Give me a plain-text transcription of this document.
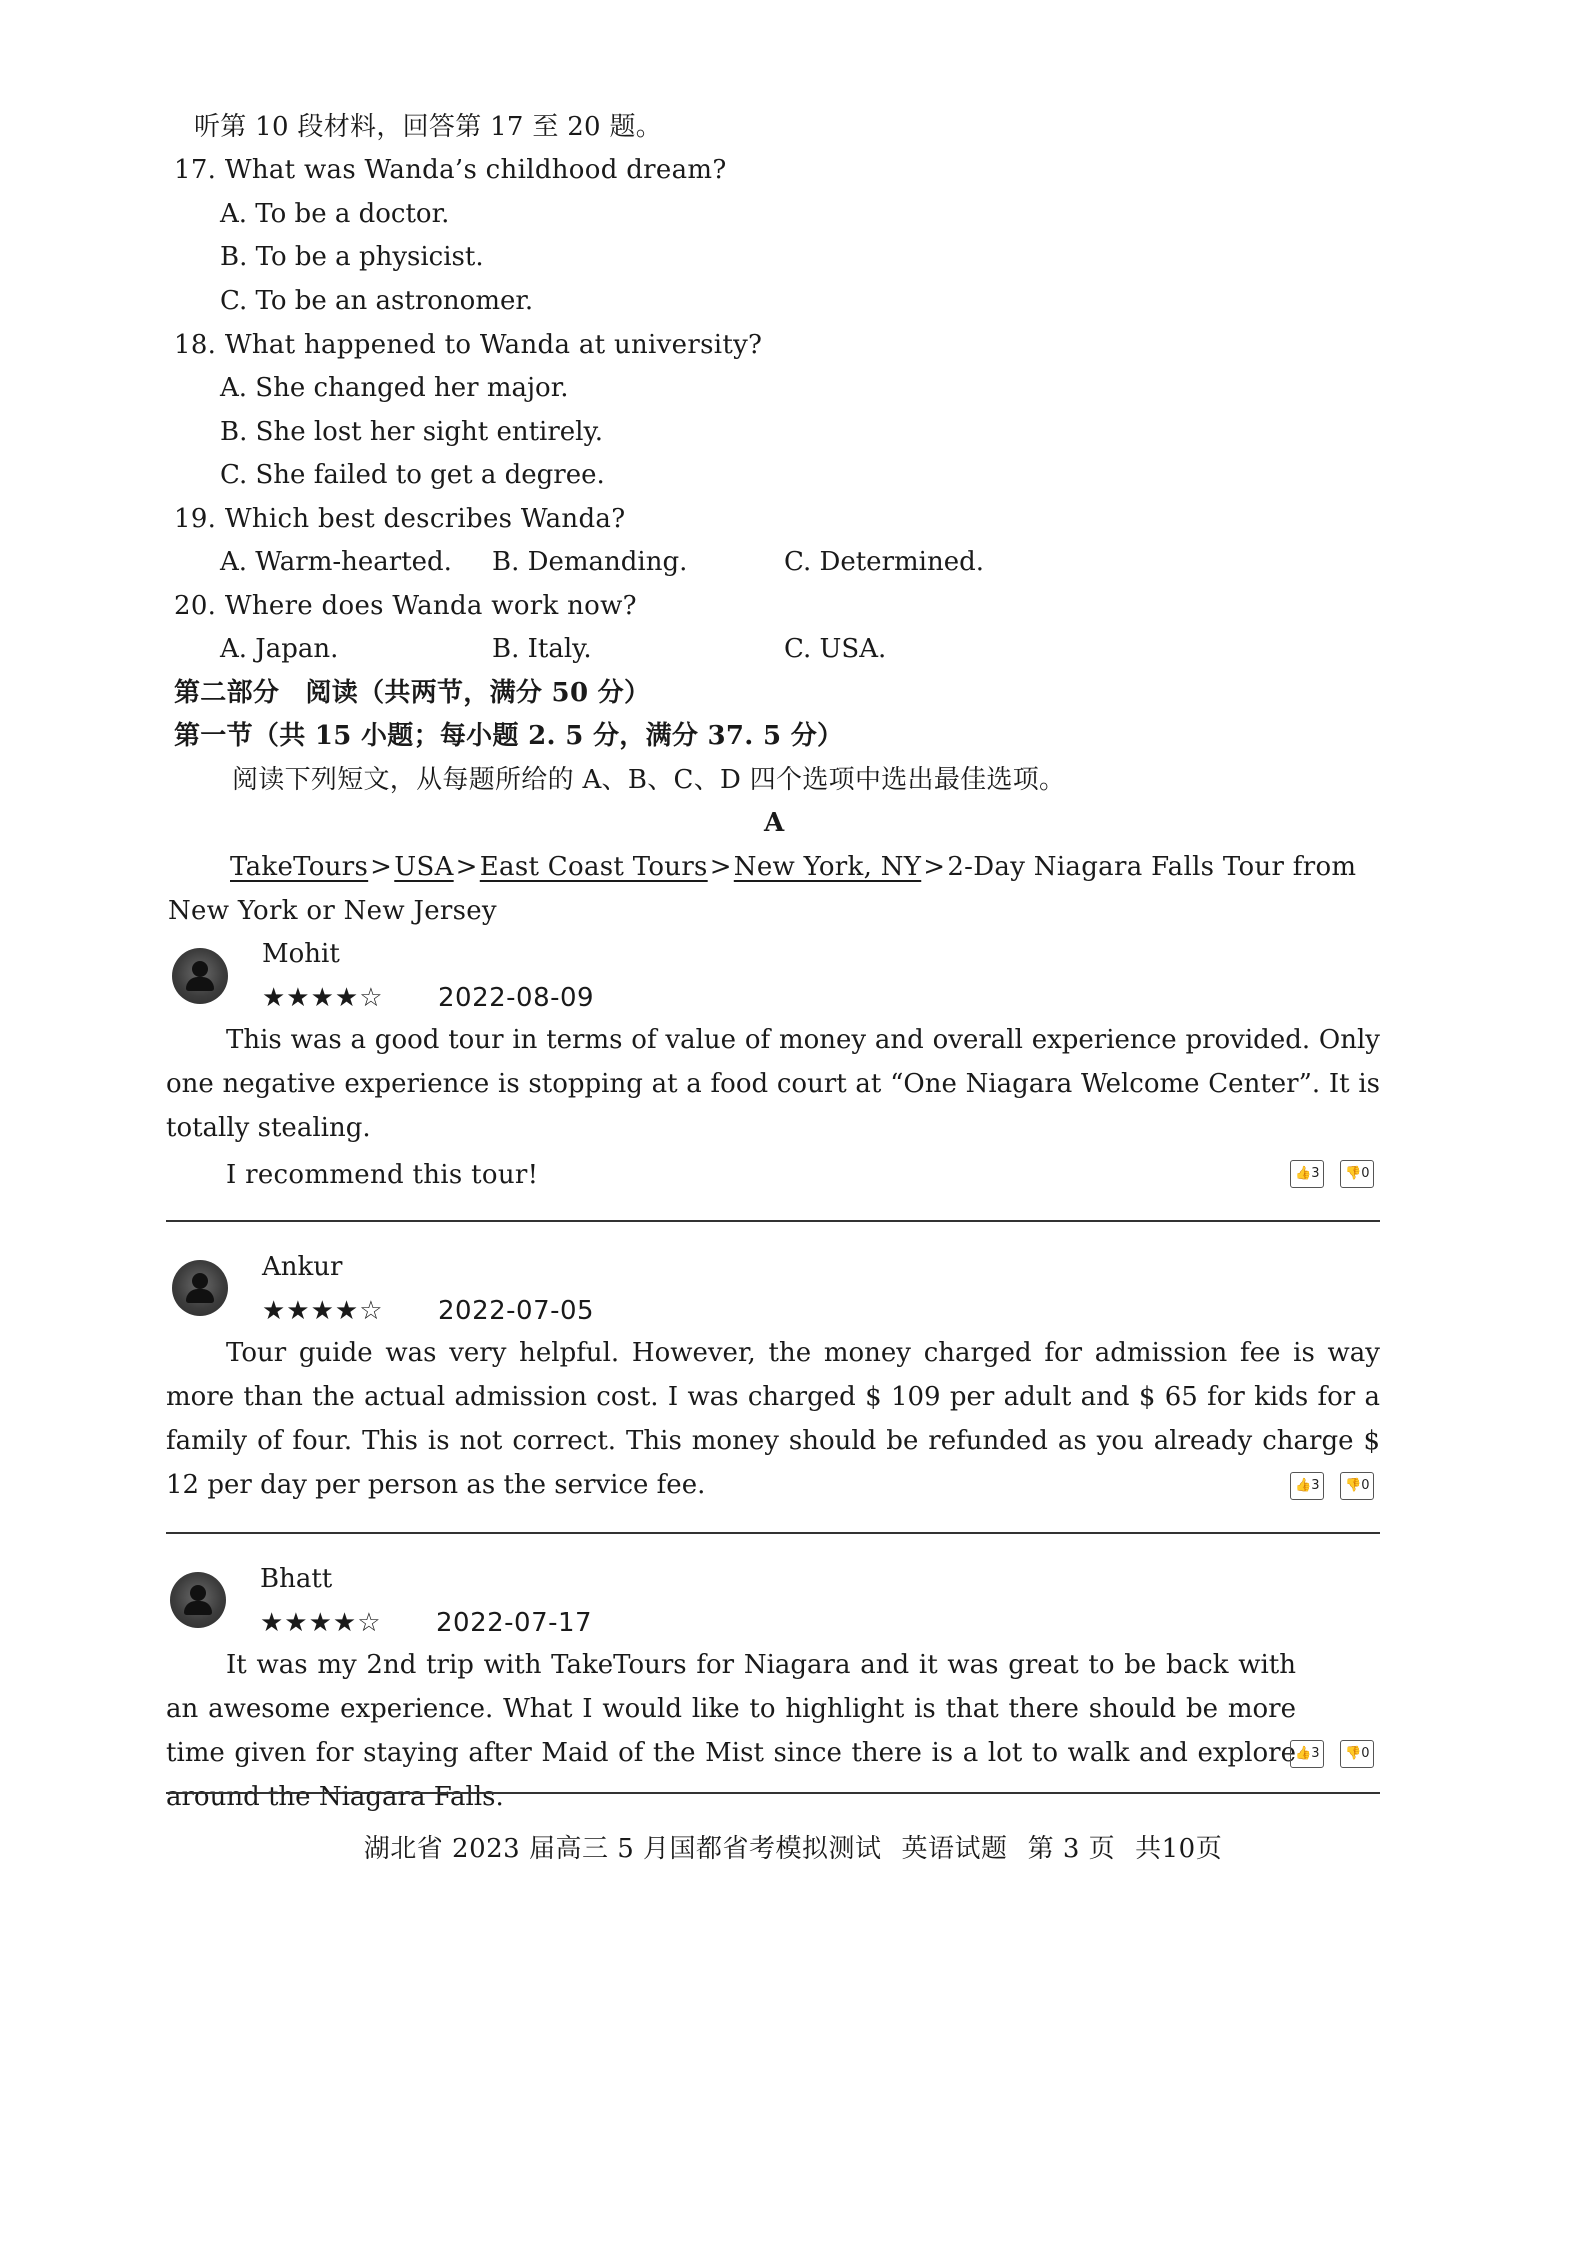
听第 10 段材料，回答第 17 至 20 题。
17. What was Wanda’s childhood dream?
A. To be a doctor.
B. To be a physicist.
C. To be an astronomer.
18. What happened to Wanda at university?
A. She changed her major.
B. She lost her sight entirely.
C. She failed to get a degree.
19. Which best describes Wanda?
A. Warm-hearted. B. Demanding.	C. Determined.
20. Where does Wanda work now?
A. Japan.	B. Italy.	C. USA.
第二部分　阅读（共两节，满分 50 分）
第一节（共 15 小题；每小题 2. 5 分，满分 37. 5 分）
阅读下列短文，从每题所给的 A、B、C、D 四个选项中选出最佳选项。
A
TakeTours>USA>East Coast Tours>New York, NY>2-Day Niagara Falls Tour from
New York or New Jersey
Mohit
★★★★☆ 2022-08-09
This was a good tour in terms of value of money and overall experience provided. Only one negative experience is stopping at a food court at “One Niagara Welcome Center”. It is totally stealing.
I recommend this tour!	👍3	👎0
Ankur
★★★★☆ 2022-07-05
Tour guide was very helpful. However, the money charged for admission fee is way more than the actual admission cost. I was charged $ 109 per adult and $ 65 for kids for a family of four. This is not correct. This money should be refunded as you already charge $ 12 per day per person as the service fee.	👍3	👎0
Bhatt
★★★★☆ 2022-07-17
It was my 2nd trip with TakeTours for Niagara and it was great to be back with an awesome experience. What I would like to highlight is that there should be more time given for staying after Maid of the Mist since there is a lot to walk and explore around the Niagara Falls.
👍3	👎0
湖北省 2023 届高三 5 月国都省考模拟测试 英语试题 第 3 页 共10页
